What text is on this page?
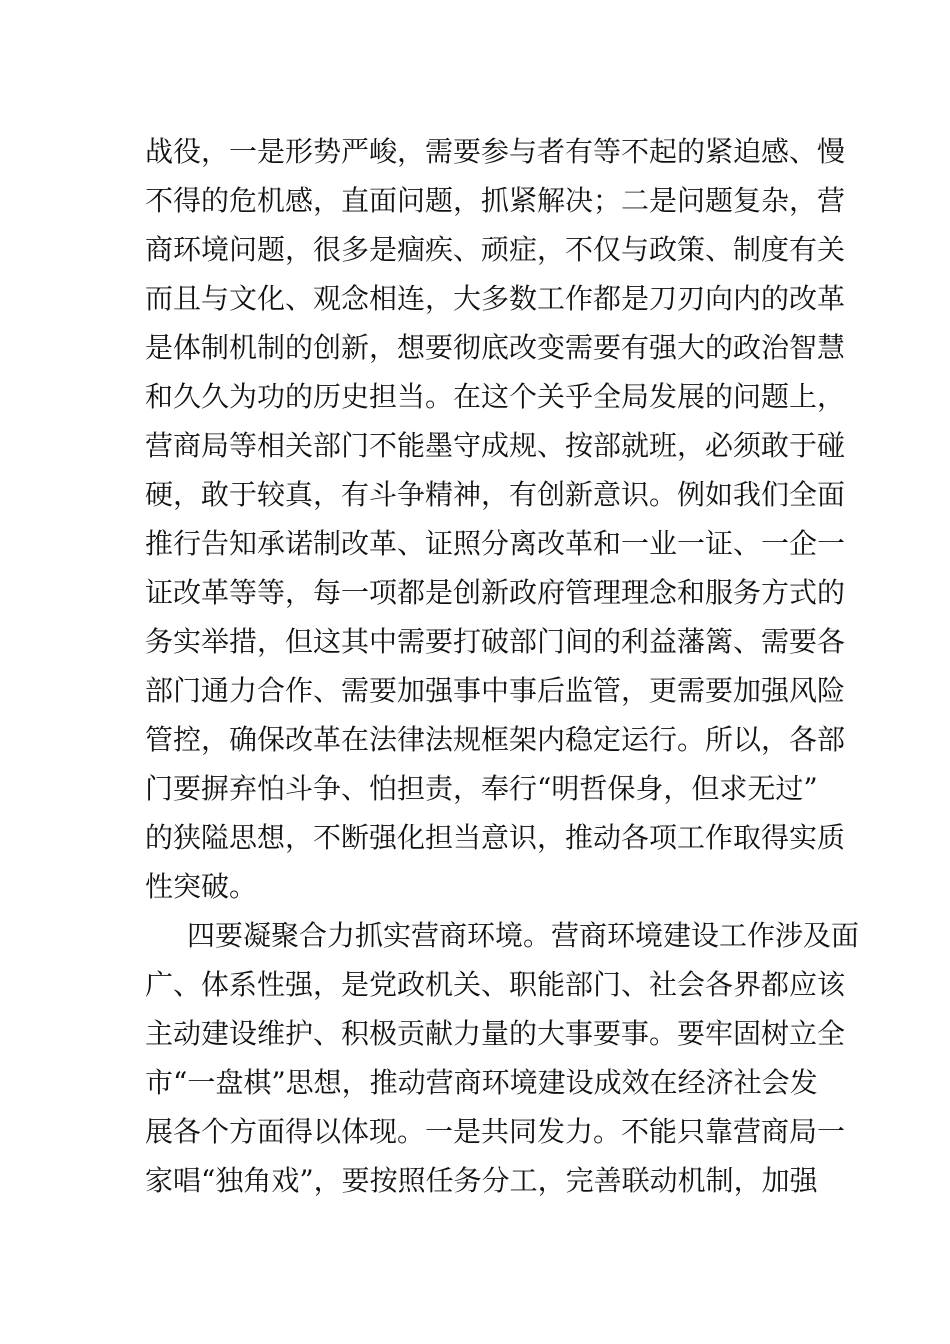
战役，一是形势严峻，需要参与者有等不起的紧迫感、慢
不得的危机感，直面问题，抓紧解决；二是问题复杂，营
商环境问题，很多是痼疾、顽症，不仅与政策、制度有关
而且与文化、观念相连，大多数工作都是刀刃向内的改革
是体制机制的创新，想要彻底改变需要有强大的政治智慧
和久久为功的历史担当。在这个关乎全局发展的问题上，
营商局等相关部门不能墨守成规、按部就班，必须敢于碰
硬，敢于较真，有斗争精神，有创新意识。例如我们全面
推行告知承诺制改革、证照分离改革和一业一证、一企一
证改革等等，每一项都是创新政府管理理念和服务方式的
务实举措，但这其中需要打破部门间的利益藩篱、需要各
部门通力合作、需要加强事中事后监管，更需要加强风险
管控，确保改革在法律法规框架内稳定运行。所以，各部
门要摒弃怕斗争、怕担责，奉行“明哲保身，但求无过”
的狭隘思想，不断强化担当意识，推动各项工作取得实质
性突破。
四要凝聚合力抓实营商环境。营商环境建设工作涉及面
广、体系性强，是党政机关、职能部门、社会各界都应该
主动建设维护、积极贡献力量的大事要事。要牢固树立全
市“一盘棋”思想，推动营商环境建设成效在经济社会发
展各个方面得以体现。一是共同发力。不能只靠营商局一
家唱“独角戏”，要按照任务分工，完善联动机制，加强
